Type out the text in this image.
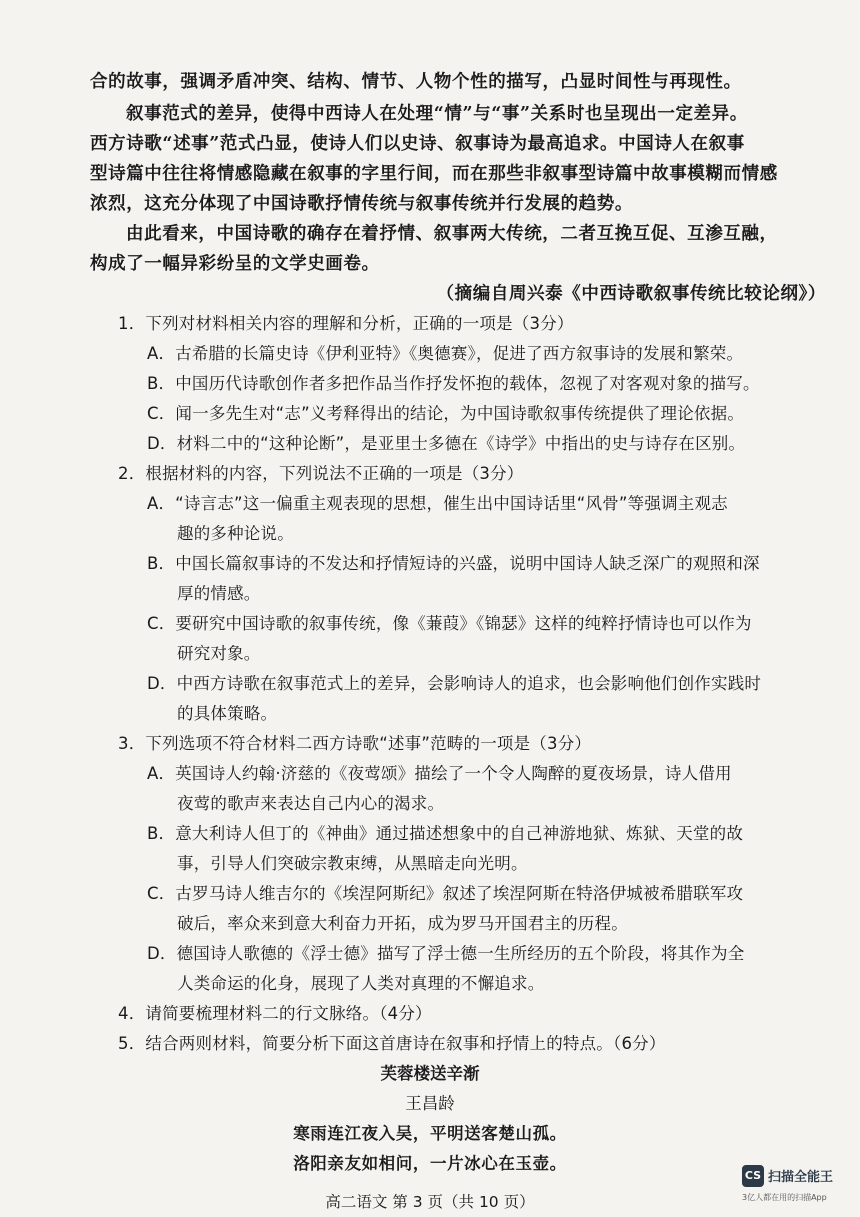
合的故事，强调矛盾冲突、结构、情节、人物个性的描写，凸显时间性与再现性。
叙事范式的差异，使得中西诗人在处理“情”与“事”关系时也呈现出一定差异。
西方诗歌“述事”范式凸显，使诗人们以史诗、叙事诗为最高追求。中国诗人在叙事
型诗篇中往往将情感隐藏在叙事的字里行间，而在那些非叙事型诗篇中故事模糊而情感
浓烈，这充分体现了中国诗歌抒情传统与叙事传统并行发展的趋势。
由此看来，中国诗歌的确存在着抒情、叙事两大传统，二者互挽互促、互渗互融，
构成了一幅异彩纷呈的文学史画卷。
（摘编自周兴泰《中西诗歌叙事传统比较论纲》）
1．下列对材料相关内容的理解和分析，正确的一项是（3分）
A．古希腊的长篇史诗《伊利亚特》《奥德赛》，促进了西方叙事诗的发展和繁荣。
B．中国历代诗歌创作者多把作品当作抒发怀抱的载体，忽视了对客观对象的描写。
C．闻一多先生对“志”义考释得出的结论，为中国诗歌叙事传统提供了理论依据。
D．材料二中的“这种论断”，是亚里士多德在《诗学》中指出的史与诗存在区别。
2．根据材料的内容，下列说法不正确的一项是（3分）
A．“诗言志”这一偏重主观表现的思想，催生出中国诗话里“风骨”等强调主观志
趣的多种论说。
B．中国长篇叙事诗的不发达和抒情短诗的兴盛，说明中国诗人缺乏深广的观照和深
厚的情感。
C．要研究中国诗歌的叙事传统，像《蒹葭》《锦瑟》这样的纯粹抒情诗也可以作为
研究对象。
D．中西方诗歌在叙事范式上的差异，会影响诗人的追求，也会影响他们创作实践时
的具体策略。
3．下列选项不符合材料二西方诗歌“述事”范畴的一项是（3分）
A．英国诗人约翰·济慈的《夜莺颂》描绘了一个令人陶醉的夏夜场景，诗人借用
夜莺的歌声来表达自己内心的渴求。
B．意大利诗人但丁的《神曲》通过描述想象中的自己神游地狱、炼狱、天堂的故
事，引导人们突破宗教束缚，从黑暗走向光明。
C．古罗马诗人维吉尔的《埃涅阿斯纪》叙述了埃涅阿斯在特洛伊城被希腊联军攻
破后，率众来到意大利奋力开拓，成为罗马开国君主的历程。
D．德国诗人歌德的《浮士德》描写了浮士德一生所经历的五个阶段，将其作为全
人类命运的化身，展现了人类对真理的不懈追求。
4．请简要梳理材料二的行文脉络。（4分）
5．结合两则材料，简要分析下面这首唐诗在叙事和抒情上的特点。（6分）
芙蓉楼送辛渐
王昌龄
寒雨连江夜入吴，平明送客楚山孤。
洛阳亲友如相问，一片冰心在玉壶。
高二语文 第 3 页（共 10 页）
CS 扫描全能王
3亿人都在用的扫描App
